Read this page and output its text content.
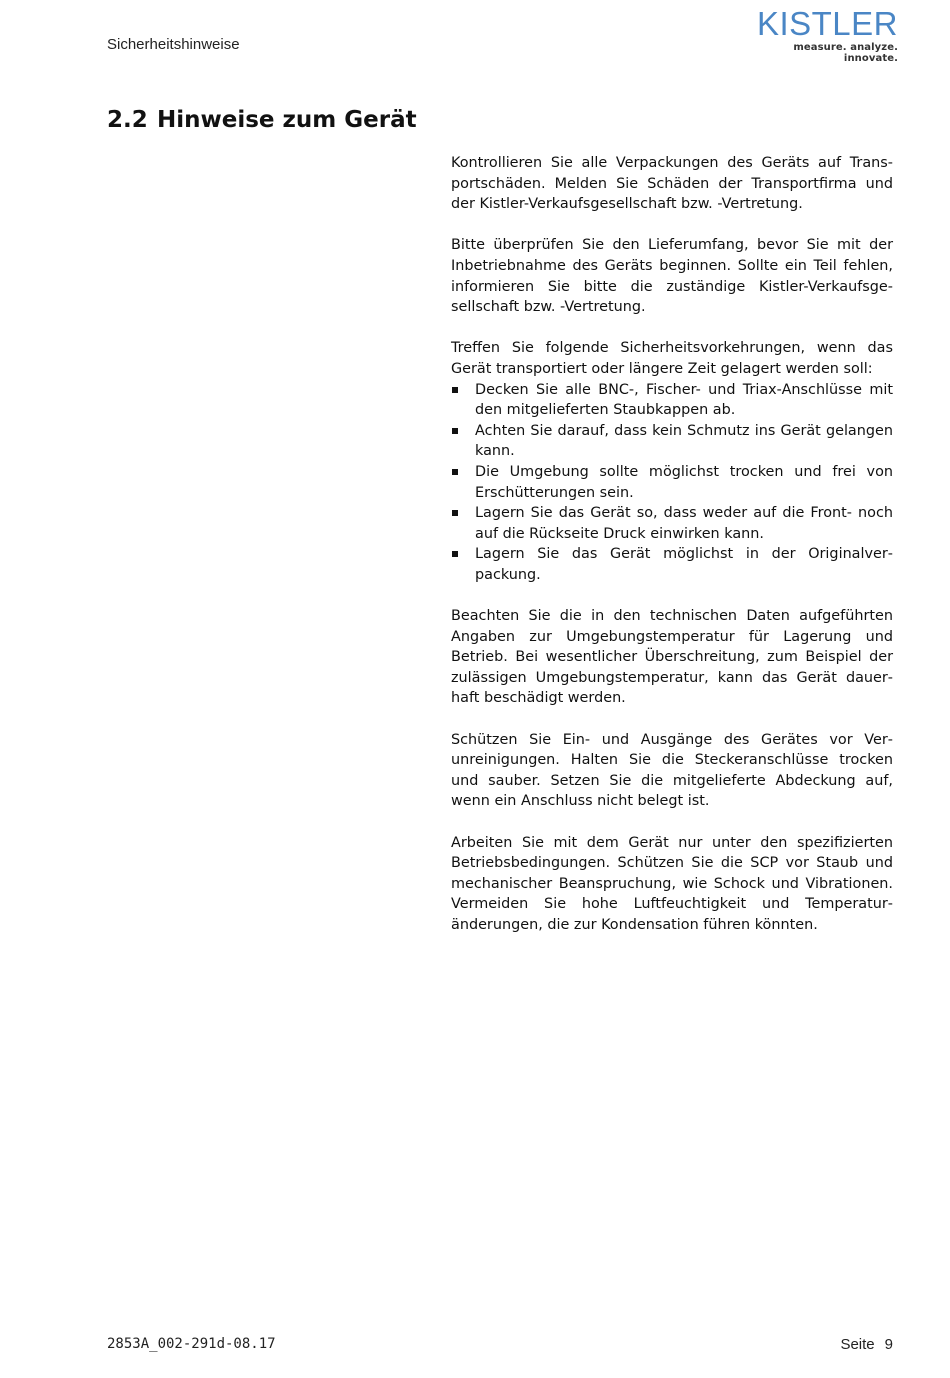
Sicherheitshinweise
KISTLER
measure. analyze. innovate.
2.2 Hinweise zum Gerät

Kontrollieren Sie alle Verpackungen des Geräts auf Transportschäden. Melden Sie Schäden der Transportfirma und der Kistler-Verkaufsgesellschaft bzw. -Vertretung.

Bitte überprüfen Sie den Lieferumfang, bevor Sie mit der Inbetriebnahme des Geräts beginnen. Sollte ein Teil fehlen, informieren Sie bitte die zuständige Kistler-Verkaufsgesellschaft bzw. -Vertretung.

Treffen Sie folgende Sicherheitsvorkehrungen, wenn das Gerät transportiert oder längere Zeit gelagert werden soll:

Decken Sie alle BNC-, Fischer- und Triax-Anschlüsse mit den mitgelieferten Staubkappen ab.
Achten Sie darauf, dass kein Schmutz ins Gerät gelangen kann.
Die Umgebung sollte möglichst trocken und frei von Erschütterungen sein.
Lagern Sie das Gerät so, dass weder auf die Front- noch auf die Rückseite Druck einwirken kann.
Lagern Sie das Gerät möglichst in der Originalverpackung.

Beachten Sie die in den technischen Daten aufgeführten Angaben zur Umgebungstemperatur für Lagerung und Betrieb. Bei wesentlicher Überschreitung, zum Beispiel der zulässigen Umgebungstemperatur, kann das Gerät dauerhaft beschädigt werden.

Schützen Sie Ein- und Ausgänge des Gerätes vor Verunreinigungen. Halten Sie die Steckeranschlüsse trocken und sauber. Setzen Sie die mitgelieferte Abdeckung auf, wenn ein Anschluss nicht belegt ist.

Arbeiten Sie mit dem Gerät nur unter den spezifizierten Betriebsbedingungen. Schützen Sie die SCP vor Staub und mechanischer Beanspruchung, wie Schock und Vibrationen. Vermeiden Sie hohe Luftfeuchtigkeit und Temperaturänderungen, die zur Kondensation führen könnten.

2853A_002-291d-08.17	Seite 9
